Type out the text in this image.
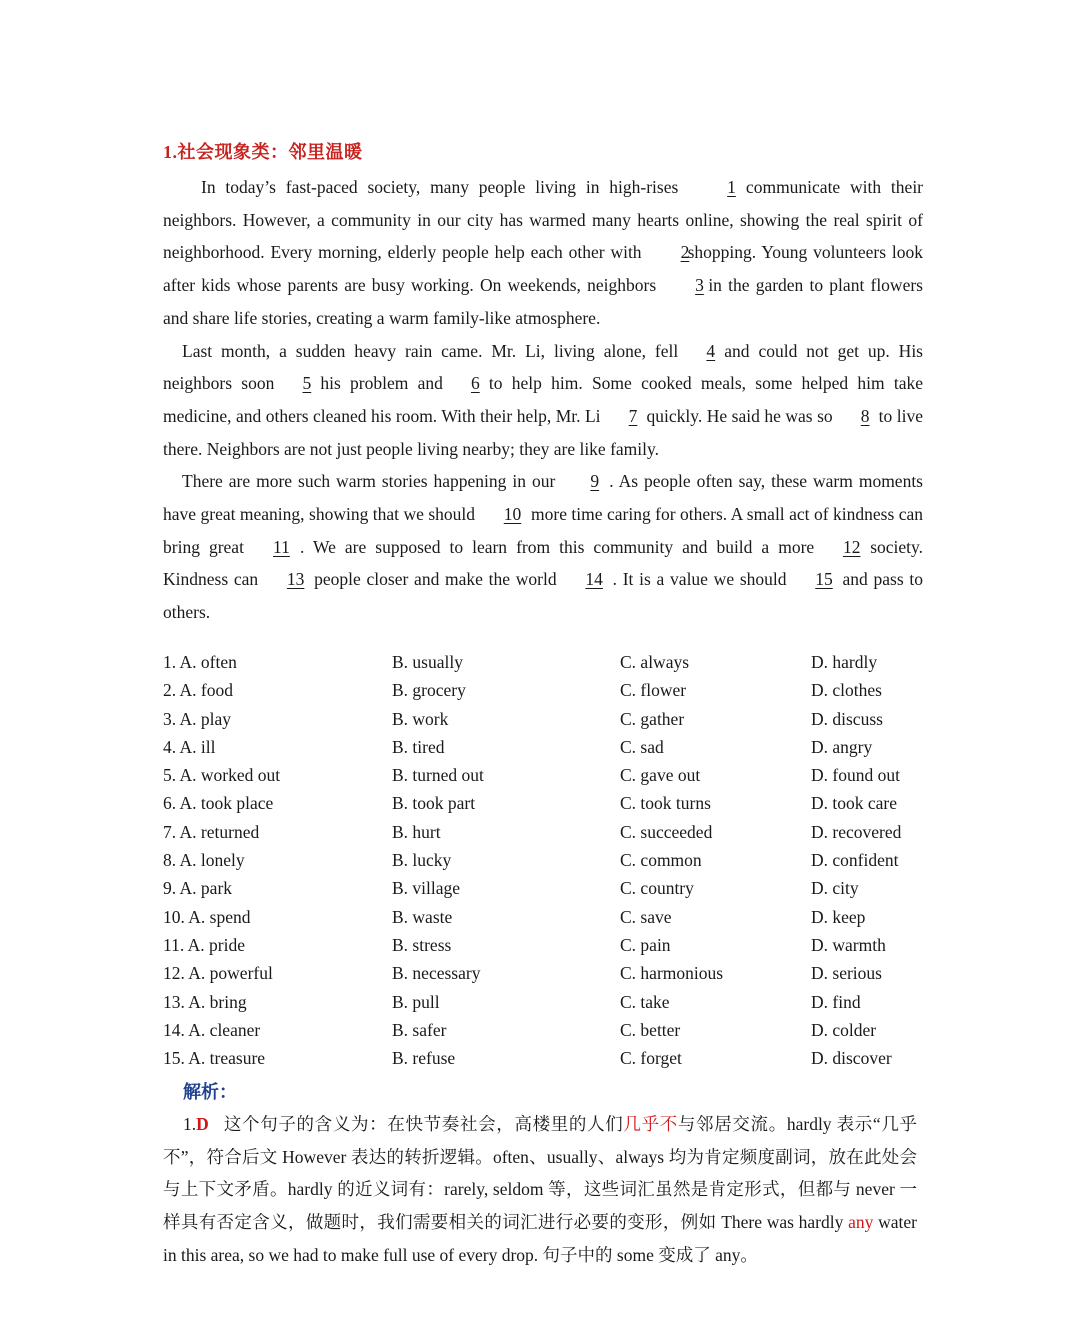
1.社会现象类：邻里温暖

In today’s fast-paced society, many people living in high-rises 1 communicate with their neighbors. However, a community in our city has warmed many hearts online, showing the real spirit of neighborhood. Every morning, elderly people help each other with 2shopping. Young volunteers look after kids whose parents are busy working. On weekends, neighbors 3 in the garden to plant flowers and share life stories, creating a warm family-like atmosphere.

Last month, a sudden heavy rain came. Mr. Li, living alone, fell 4 and could not get up. His neighbors soon 5 his problem and 6 to help him. Some cooked meals, some helped him take medicine, and others cleaned his room. With their help, Mr. Li 7 quickly. He said he was so 8 to live there. Neighbors are not just people living nearby; they are like family.

There are more such warm stories happening in our 9 . As people often say, these warm moments have great meaning, showing that we should 10 more time caring for others. A small act of kindness can bring great 11 . We are supposed to learn from this community and build a more 12 society. Kindness can 13 people closer and make the world 14 . It is a value we should 15 and pass to others.

1. A. often	B. usually	C. always	D. hardly
2. A. food	B. grocery	C. flower	D. clothes
3. A. play	B. work	C. gather	D. discuss
4. A. ill	B. tired	C. sad	D. angry
5. A. worked out	B. turned out	C. gave out	D. found out
6. A. took place	B. took part	C. took turns	D. took care
7. A. returned	B. hurt	C. succeeded	D. recovered
8. A. lonely	B. lucky	C. common	D. confident
9. A. park	B. village	C. country	D. city
10. A. spend	B. waste	C. save	D. keep
11. A. pride	B. stress	C. pain	D. warmth
12. A. powerful	B. necessary	C. harmonious	D. serious
13. A. bring	B. pull	C. take	D. find
14. A. cleaner	B. safer	C. better	D. colder
15. A. treasure	B. refuse	C. forget	D. discover
解析：

1.D 这个句子的含义为：在快节奏社会，高楼里的人们几乎不与邻居交流。hardly 表示“几乎不”，符合后文 However 表达的转折逻辑。often、usually、always 均为肯定频度副词，放在此处会与上下文矛盾。hardly 的近义词有：rarely, seldom 等，这些词汇虽然是肯定形式，但都与 never 一样具有否定含义，做题时，我们需要相关的词汇进行必要的变形，例如 There was hardly any water in this area, so we had to make full use of every drop. 句子中的 some 变成了 any。
